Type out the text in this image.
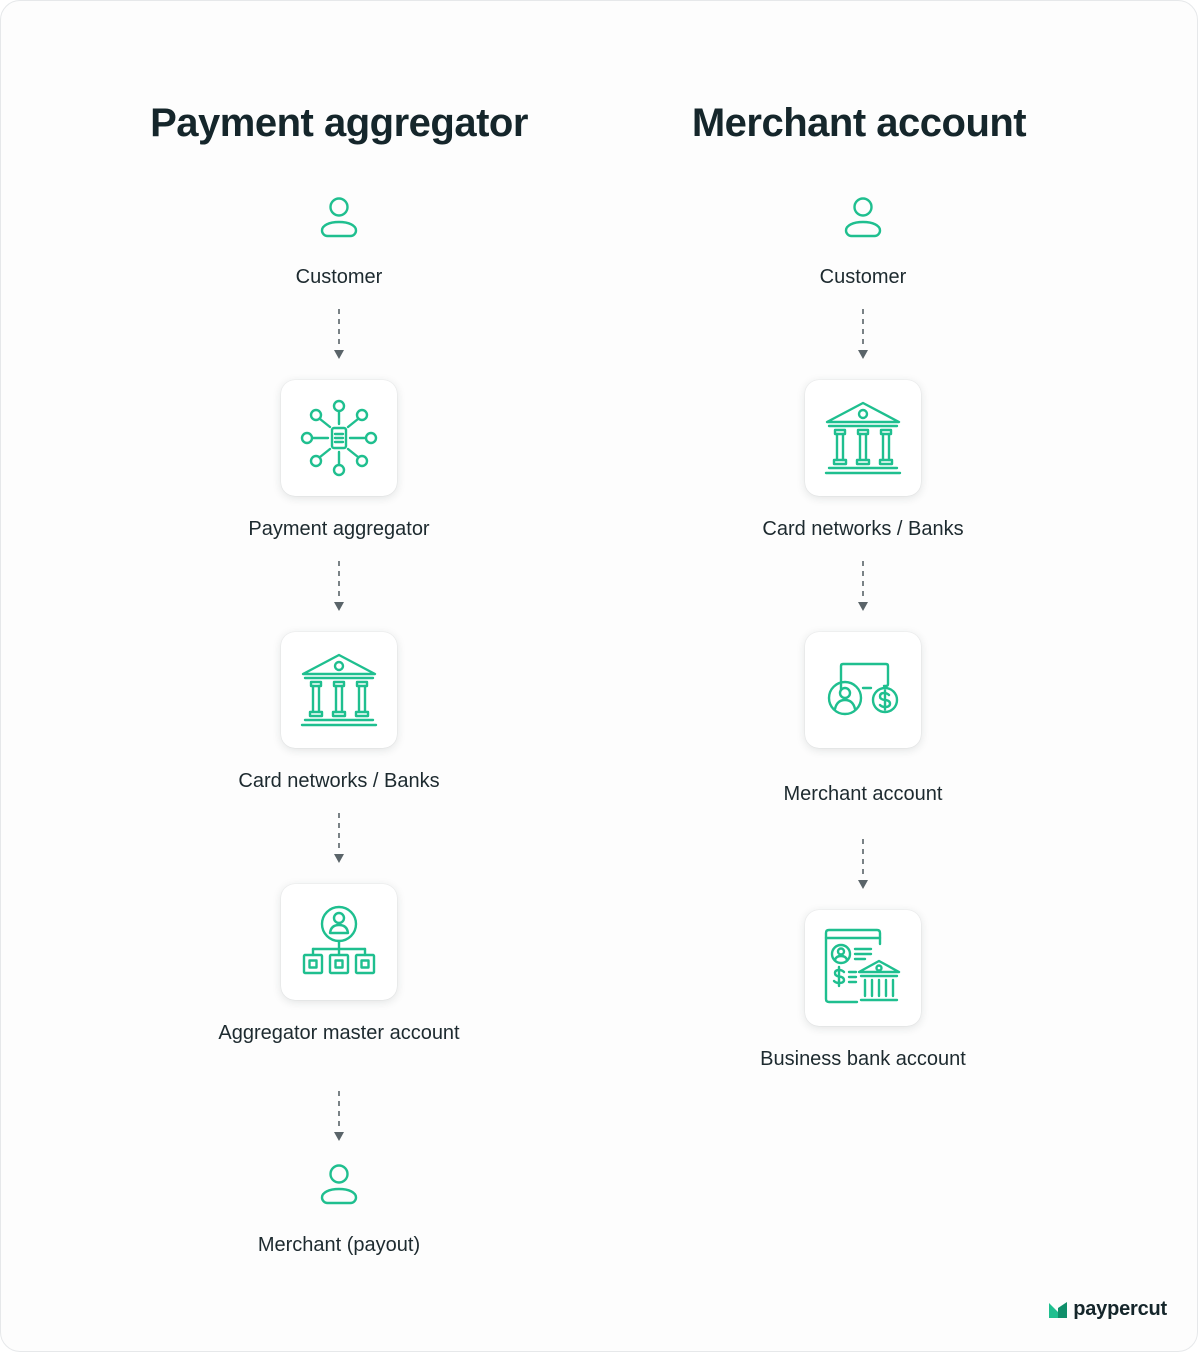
Payment aggregator
Customer
Payment aggregator
Card networks / Banks
Aggregator master account
Merchant (payout)
Merchant account
Customer
Card networks / Banks
Merchant account
Business bank account
paypercut
